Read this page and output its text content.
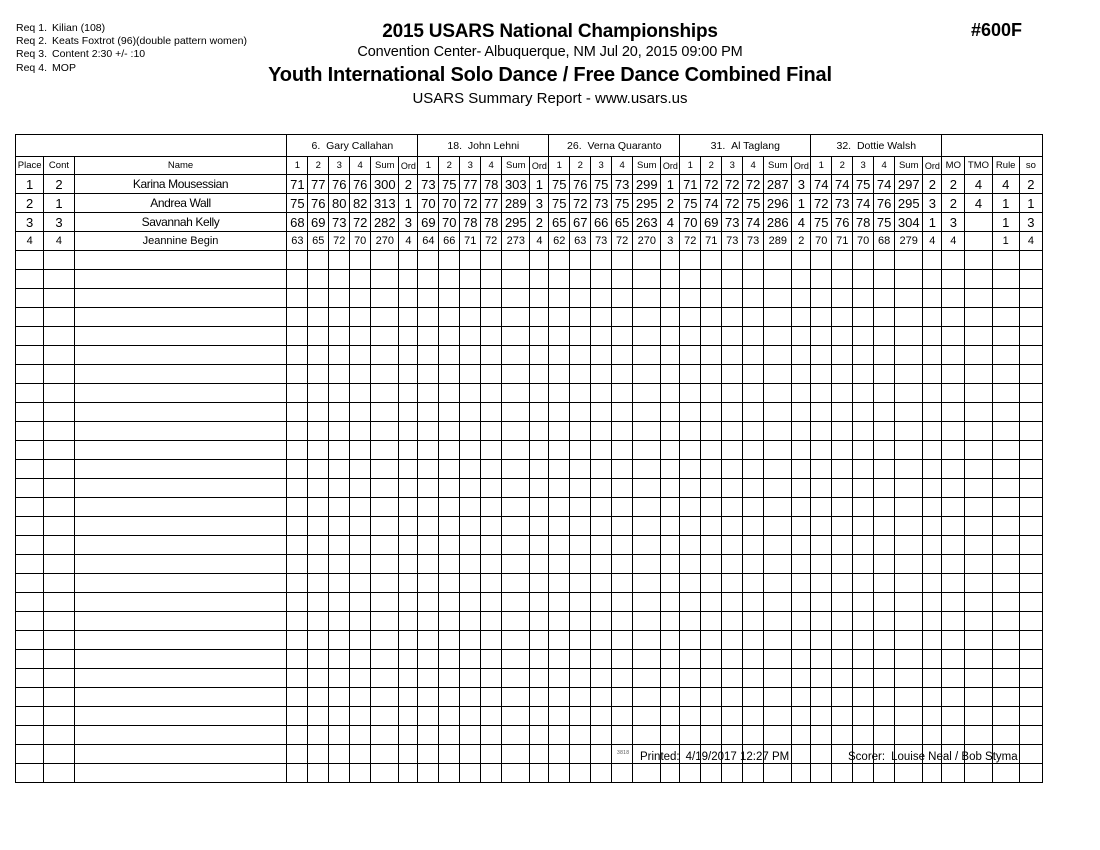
Req 1. Kilian (108)
Req 2. Keats Foxtrot (96)(double pattern women)
Req 3. Content 2:30 +/- :10
Req 4. MOP
2015 USARS National Championships
Convention Center- Albuquerque, NM Jul 20, 2015 09:00 PM
Youth International Solo Dance / Free Dance Combined Final
USARS Summary Report - www.usars.us
#600F
			6. Gary Callahan						18. John Lehni						26. Verna Quaranto						31. Al Taglang						32. Dottie Walsh									
Place	Cont	Name	1	2	3	4	Sum	Ord	1	2	3	4	Sum	Ord	1	2	3	4	Sum	Ord	1	2	3	4	Sum	Ord	1	2	3	4	Sum	Ord	MO	TMO	Rule	so
1	2	Karina Mousessian	71	77	76	76	300	2	73	75	77	78	303	1	75	76	75	73	299	1	71	72	72	72	287	3	74	74	75	74	297	2	2	4	4	2
2	1	Andrea Wall	75	76	80	82	313	1	70	70	72	77	289	3	75	72	73	75	295	2	75	74	72	75	296	1	72	73	74	76	295	3	2	4	1	1
3	3	Savannah Kelly	68	69	73	72	282	3	69	70	78	78	295	2	65	67	66	65	263	4	70	69	73	74	286	4	75	76	78	75	304	1	3		1	3
4	4	Jeannine Begin	63	65	72	70	270	4	64	66	71	72	273	4	62	63	73	72	270	3	72	71	73	73	289	2	70	71	70	68	279	4	4		1	4

3818 Printed: 4/19/2017 12:27 PM	Scorer: Louise Neal / Bob Styma
